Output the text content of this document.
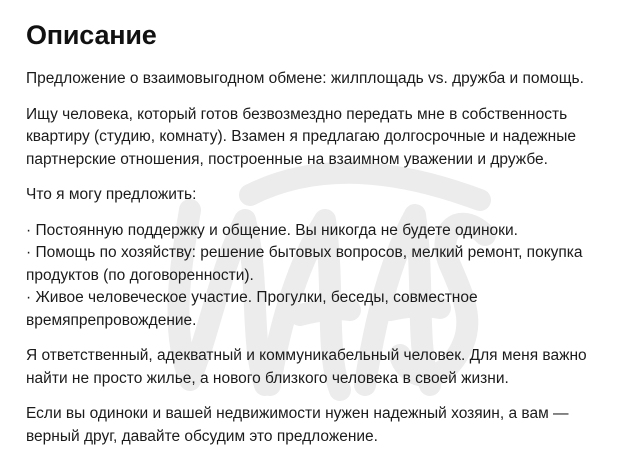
Описание

Предложение о взаимовыгодном обмене: жилплощадь vs. дружба и помощь.

Ищу человека, который готов безвозмездно передать мне в собственность квартиру (студию, комнату). Взамен я предлагаю долгосрочные и надежные партнерские отношения, построенные на взаимном уважении и дружбе.

Что я могу предложить:

· Постоянную поддержку и общение. Вы никогда не будете одиноки.
· Помощь по хозяйству: решение бытовых вопросов, мелкий ремонт, покупка продуктов (по договоренности).
· Живое человеческое участие. Прогулки, беседы, совместное времяпрепровождение.

Я ответственный, адекватный и коммуникабельный человек. Для меня важно найти не просто жилье, а нового близкого человека в своей жизни.

Если вы одиноки и вашей недвижимости нужен надежный хозяин, а вам — верный друг, давайте обсудим это предложение.
